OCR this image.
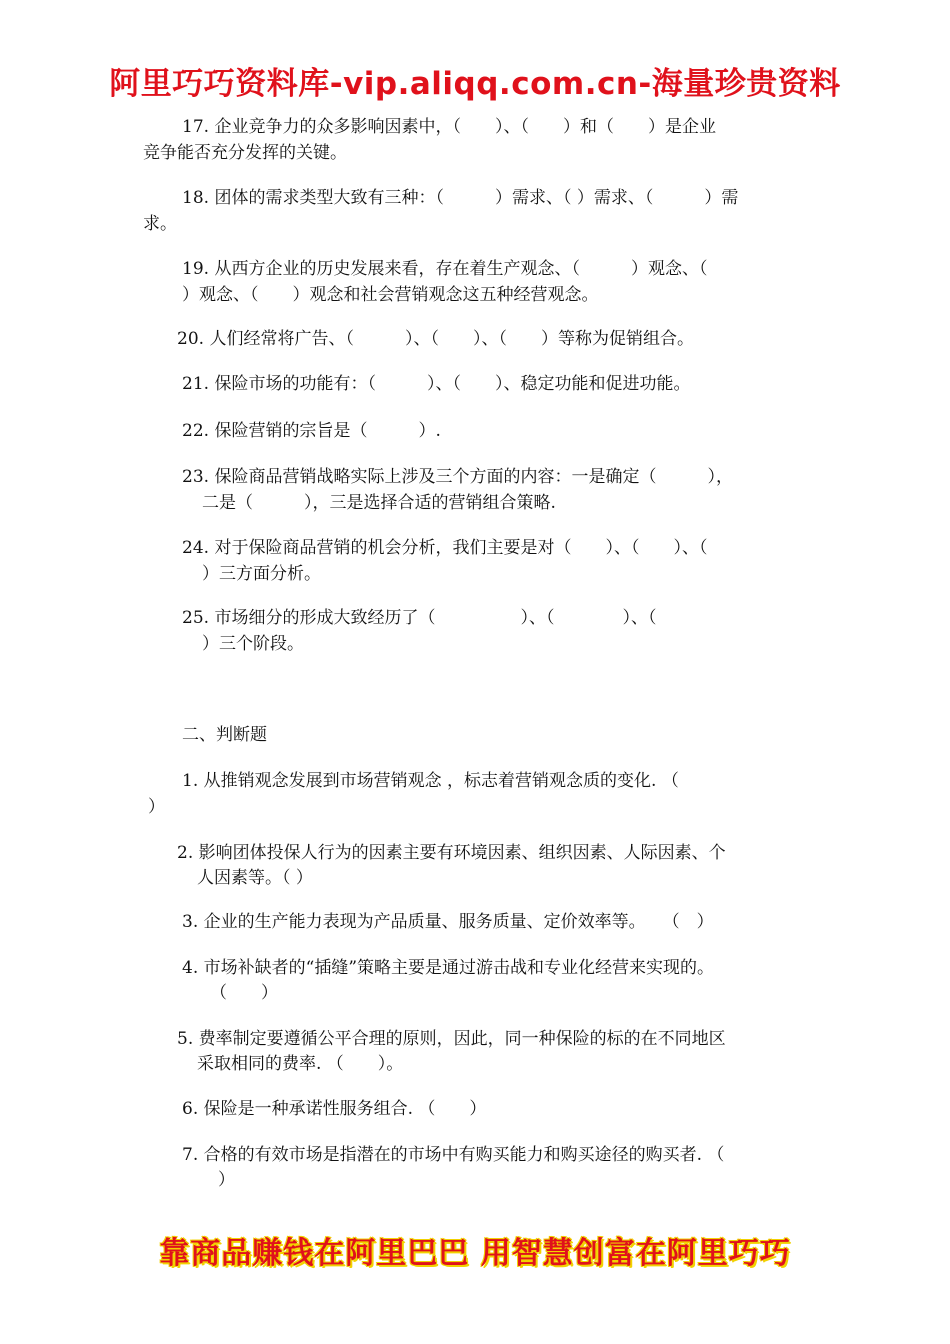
阿里巧巧资料库-vip.aliqq.com.cn-海量珍贵资料
17. 企业竞争力的众多影响因素中，（　　）、（　　）和（　　）是企业
竞争能否充分发挥的关键。
18. 团体的需求类型大致有三种：（　　　）需求、（ ）需求、（　　　）需
求。
19. 从西方企业的历史发展来看，存在着生产观念、（　　　）观念、（
）观念、（　　）观念和社会营销观念这五种经营观念。
20. 人们经常将广告、（　　　）、（　　）、（　　）等称为促销组合。
21. 保险市场的功能有：（　　　）、（　　）、稳定功能和促进功能。
22. 保险营销的宗旨是（　　　）.
23. 保险商品营销战略实际上涉及三个方面的内容：一是确定（　　　），
二是（　　　），三是选择合适的营销组合策略.
24. 对于保险商品营销的机会分析，我们主要是对（　　）、（　　）、（
）三方面分析。
25. 市场细分的形成大致经历了（　　　　　）、（　　　　）、（
）三个阶段。
二、判断题
1. 从推销观念发展到市场营销观念 ，标志着营销观念质的变化. （
）
2. 影响团体投保人行为的因素主要有环境因素、组织因素、人际因素、个
人因素等。（ ）
3. 企业的生产能力表现为产品质量、服务质量、定价效率等。　　（　）
4. 市场补缺者的“插缝”策略主要是通过游击战和专业化经营来实现的。
（　　）
5. 费率制定要遵循公平合理的原则，因此，同一种保险的标的在不同地区
采取相同的费率. （　　）。
6. 保险是一种承诺性服务组合. （　　）
7. 合格的有效市场是指潜在的市场中有购买能力和购买途径的购买者. （
）
靠商品赚钱在阿里巴巴 用智慧创富在阿里巧巧
